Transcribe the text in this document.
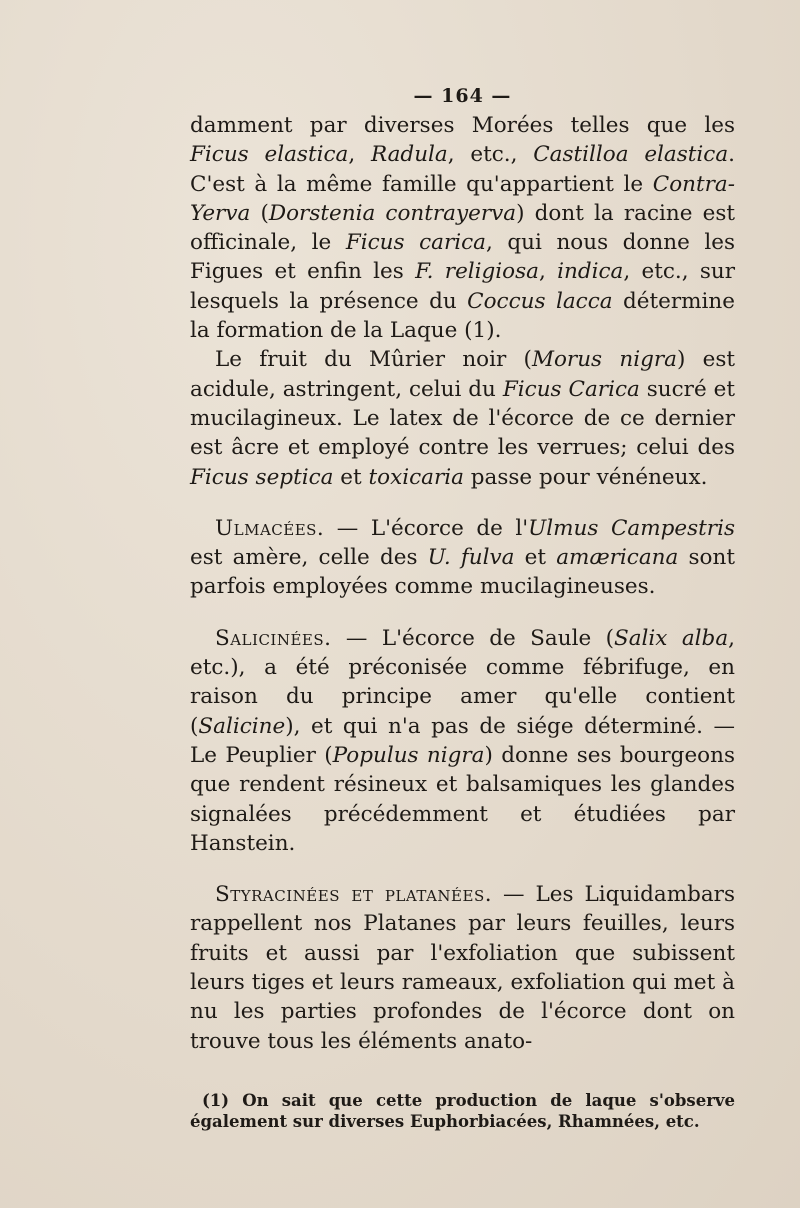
— 164 —

damment par diverses Morées telles que les Ficus elastica, Radula, etc., Castilloa elastica. C'est à la même famille qu'appartient le Contra-Yerva (Dorstenia contrayerva) dont la racine est officinale, le Ficus carica, qui nous donne les Figues et enfin les F. religiosa, indica, etc., sur lesquels la présence du Coccus lacca détermine la formation de la Laque (1).

Le fruit du Mûrier noir (Morus nigra) est acidule, astringent, celui du Ficus Carica sucré et mucilagineux. Le latex de l'écorce de ce dernier est âcre et employé contre les verrues; celui des Ficus septica et toxicaria passe pour vénéneux.

Ulmacées. — L'écorce de l'Ulmus Campestris est amère, celle des U. fulva et amæricana sont parfois employées comme mucilagineuses.

Salicinées. — L'écorce de Saule (Salix alba, etc.), a été préconisée comme fébrifuge, en raison du principe amer qu'elle contient (Salicine), et qui n'a pas de siége déterminé. — Le Peuplier (Populus nigra) donne ses bourgeons que rendent résineux et balsamiques les glandes signalées précédemment et étudiées par Hanstein.

Styracinées et platanées. — Les Liquidambars rappellent nos Platanes par leurs feuilles, leurs fruits et aussi par l'exfoliation que subissent leurs tiges et leurs rameaux, exfoliation qui met à nu les parties profondes de l'écorce dont on trouve tous les éléments anato-

(1) On sait que cette production de laque s'observe également sur diverses Euphorbiacées, Rhamnées, etc.
